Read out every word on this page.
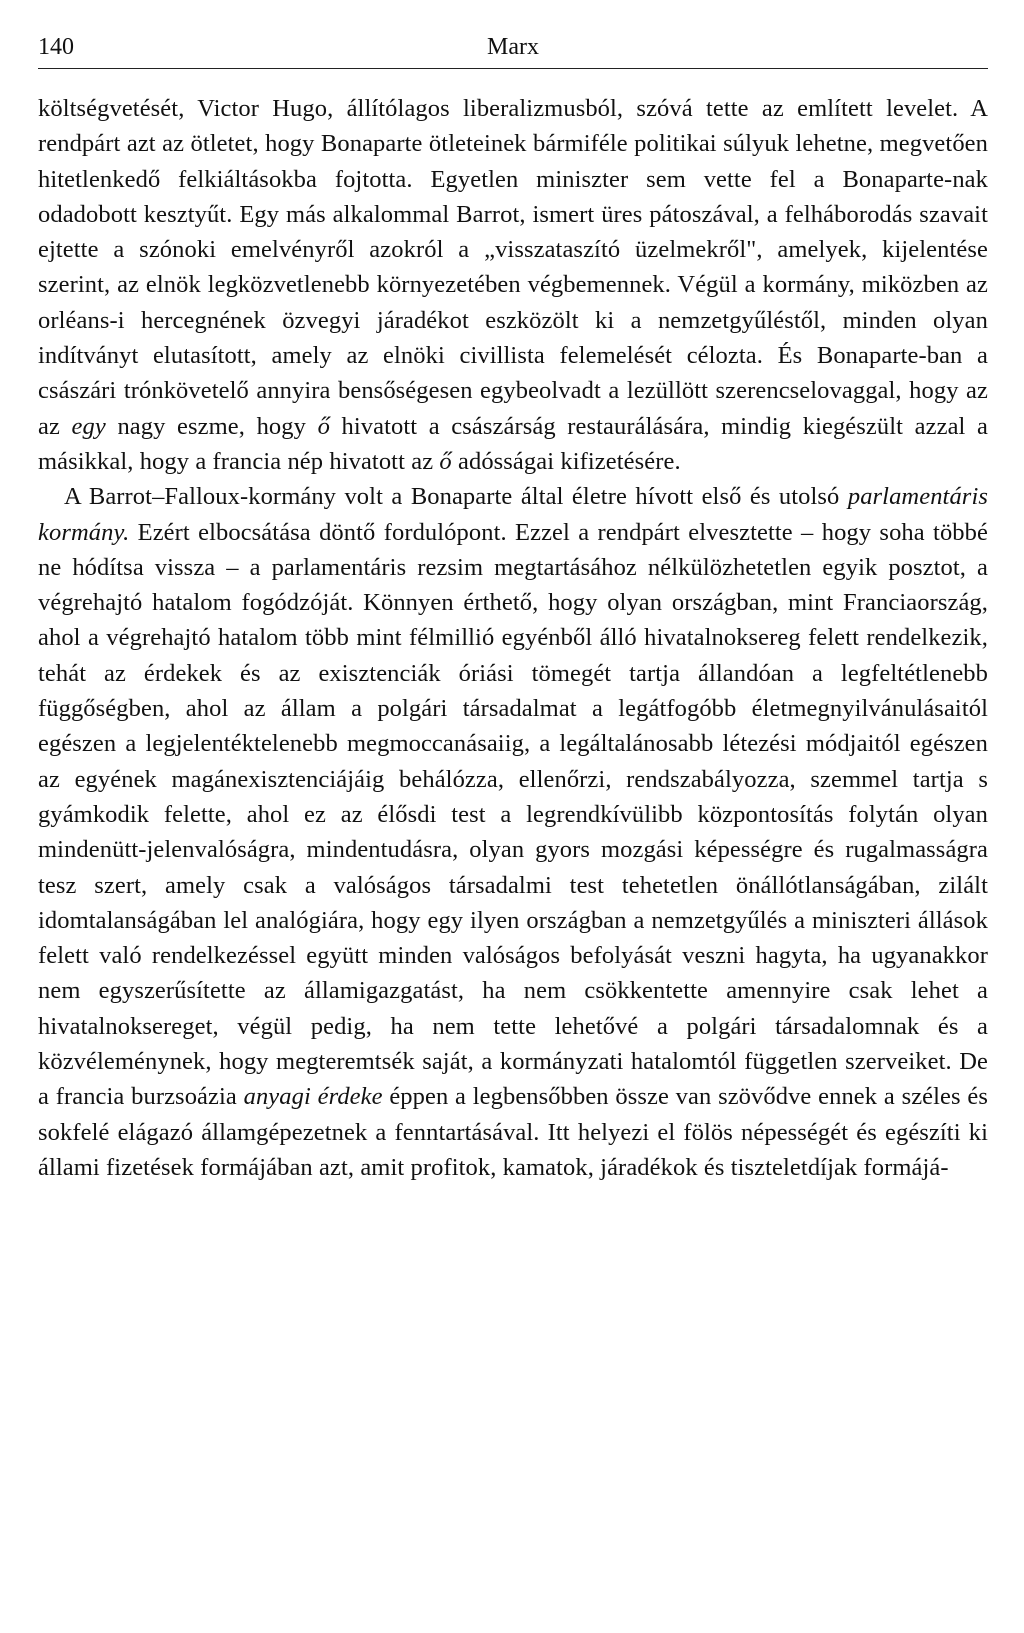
140	Marx

költségvetését, Victor Hugo, állítólagos liberalizmusból, szóvá tette az említett levelet. A rendpárt azt az ötletet, hogy Bonaparte ötleteinek bármiféle politikai súlyuk lehetne, megvetően hitetlenkedő felkiáltásokba fojtotta. Egyetlen miniszter sem vette fel a Bonaparte-nak odadobott kesztyűt. Egy más alkalommal Barrot, ismert üres pátoszával, a felháborodás szavait ejtette a szónoki emelvényről azokról a „visszataszító üzelmekről", amelyek, kijelentése szerint, az elnök legközvetlenebb környezetében végbemennek. Végül a kormány, miközben az orléans-i hercegnének özvegyi járadékot eszközölt ki a nemzetgyűléstől, minden olyan indítványt elutasított, amely az elnöki civillista felemelését célozta. És Bonaparte-ban a császári trónkövetelő annyira bensőségesen egybeolvadt a lezüllött szerencselovaggal, hogy az az egy nagy eszme, hogy ő hivatott a császárság restaurálására, mindig kiegészült azzal a másikkal, hogy a francia nép hivatott az ő adósságai kifizetésére.

A Barrot–Falloux-kormány volt a Bonaparte által életre hívott első és utolsó parlamentáris kormány. Ezért elbocsátása döntő fordulópont. Ezzel a rendpárt elvesztette – hogy soha többé ne hódítsa vissza – a parlamentáris rezsim megtartásához nélkülözhetetlen egyik posztot, a végrehajtó hatalom fogódzóját. Könnyen érthető, hogy olyan országban, mint Franciaország, ahol a végrehajtó hatalom több mint félmillió egyénből álló hivatalnoksereg felett rendelkezik, tehát az érdekek és az exisztenciák óriási tömegét tartja állandóan a legfeltétlenebb függőségben, ahol az állam a polgári társadalmat a legátfogóbb életmegnyilvánulásaitól egészen a legjelentéktelenebb megmoccanásaiig, a legáltalánosabb létezési módjaitól egészen az egyének magánexisztenciájáig behálózza, ellenőrzi, rendszabályozza, szemmel tartja s gyámkodik felette, ahol ez az élősdi test a legrendkívülibb központosítás folytán olyan mindenütt-jelenvalóságra, mindentudásra, olyan gyors mozgási képességre és rugalmasságra tesz szert, amely csak a valóságos társadalmi test tehetetlen önállótlanságában, zilált idomtalanságában lel analógiára, hogy egy ilyen országban a nemzetgyűlés a miniszteri állások felett való rendelkezéssel együtt minden valóságos befolyását veszni hagyta, ha ugyanakkor nem egyszerűsítette az államigazgatást, ha nem csökkentette amennyire csak lehet a hivatalnoksereget, végül pedig, ha nem tette lehetővé a polgári társadalomnak és a közvéleménynek, hogy megteremtsék saját, a kormányzati hatalomtól független szerveiket. De a francia burzsoázia anyagi érdeke éppen a legbensőbben össze van szövődve ennek a széles és sokfelé elágazó államgépezetnek a fenntartásával. Itt helyezi el fölös népességét és egészíti ki állami fizetések formájában azt, amit profitok, kamatok, járadékok és tiszteletdíjak formájá-
